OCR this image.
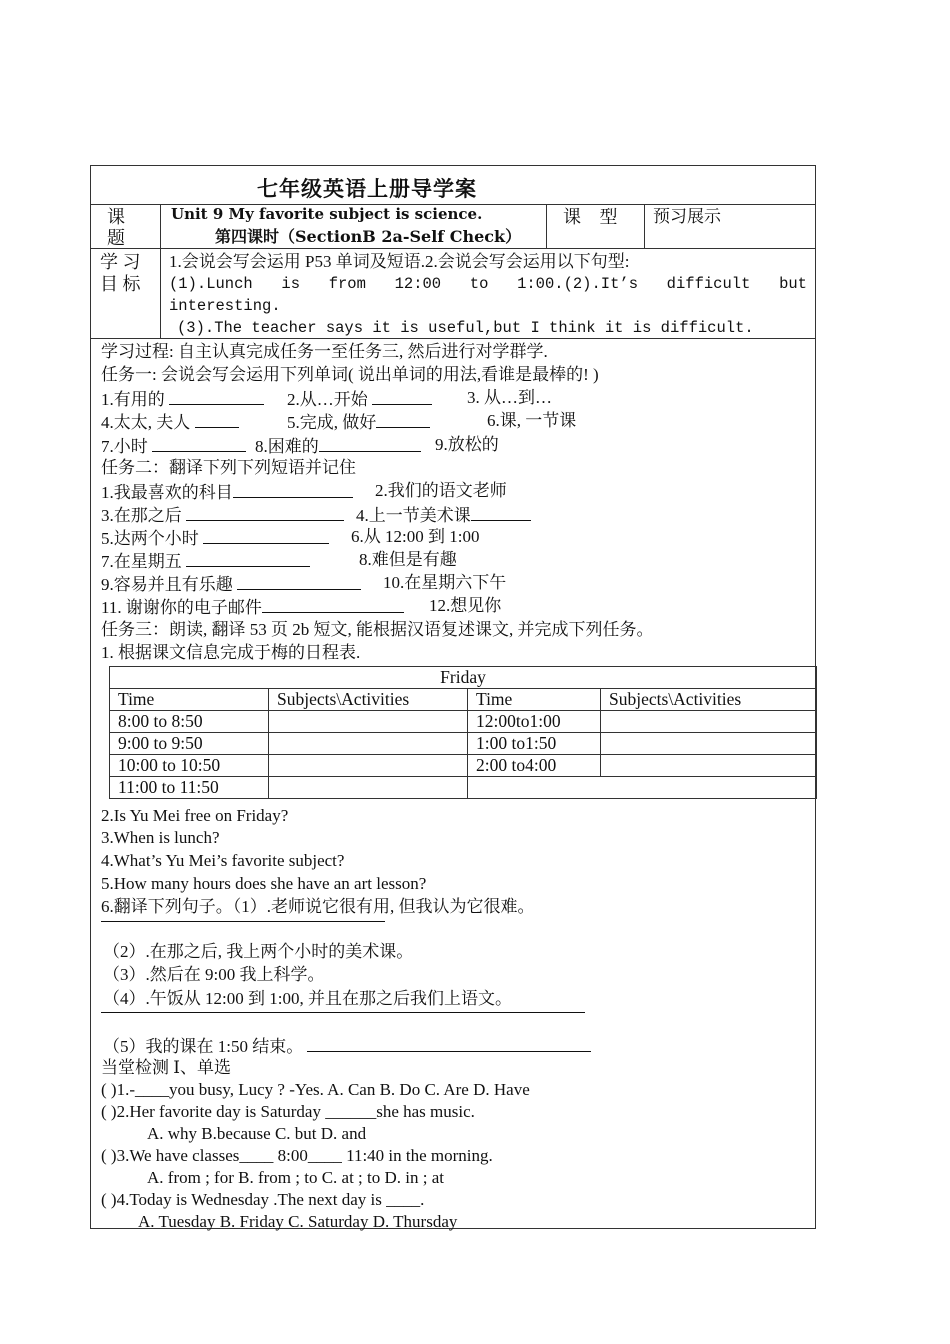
七年级英语上册导学案
课 题
Unit 9 My favorite subject is science.
第四课时（SectionB 2a-Self Check）
课 型 预习展示
学 习 目 标
1.会说会写会运用 P53 单词及短语.2.会说会写会运用以下句型:
(1).Lunch is from 12:00 to 1:00.(2).It’s difficult but
interesting.
(3).The teacher says it is useful,but I think it is difficult.
学习过程: 自主认真完成任务一至任务三, 然后进行对学群学.
任务一: 会说会写会运用下列单词( 说出单词的用法,看谁是最棒的! )
1.有用的	2.从…开始	3. 从…到…
4.太太, 夫人	5.完成, 做好	6.课, 一节课
7.小时	8.困难的	9.放松的
任务二：翻译下列下列短语并记住
1.我最喜欢的科目	2.我们的语文老师
3.在那之后	4.上一节美术课
5.达两个小时	6.从 12:00 到 1:00
7.在星期五	8.难但是有趣
9.容易并且有乐趣	10.在星期六下午
11. 谢谢你的电子邮件	12.想见你
任务三：朗读, 翻译 53 页 2b 短文, 能根据汉语复述课文, 并完成下列任务。
1. 根据课文信息完成于梅的日程表.
Friday			
Time	Subjects\Activities	Time	Subjects\Activities
8:00 to 8:50		12:00to1:00	
9:00 to 9:50		1:00 to1:50	
10:00 to 10:50		2:00 to4:00	
11:00 to 11:50			
2.Is Yu Mei free on Friday?
3.When is lunch?
4.What’s Yu Mei’s favorite subject?
5.How many hours does she have an art lesson?
6.翻译下列句子。（1）.老师说它很有用, 但我认为它很难。
（2）.在那之后, 我上两个小时的美术课。
（3）.然后在 9:00 我上科学。
（4）.午饭从 12:00 到 1:00, 并且在那之后我们上语文。
（5）我的课在 1:50 结束。
当堂检测 Ⅰ、单选
( )1.-____you busy, Lucy ? -Yes. A. Can B. Do C. Are D. Have
( )2.Her favorite day is Saturday ______she has music.
A. why B.because C. but D. and
( )3.We have classes____ 8:00____ 11:40 in the morning.
A. from ; for B. from ; to C. at ; to D. in ; at
( )4.Today is Wednesday .The next day is ____.
A. Tuesday B. Friday C. Saturday D. Thursday
